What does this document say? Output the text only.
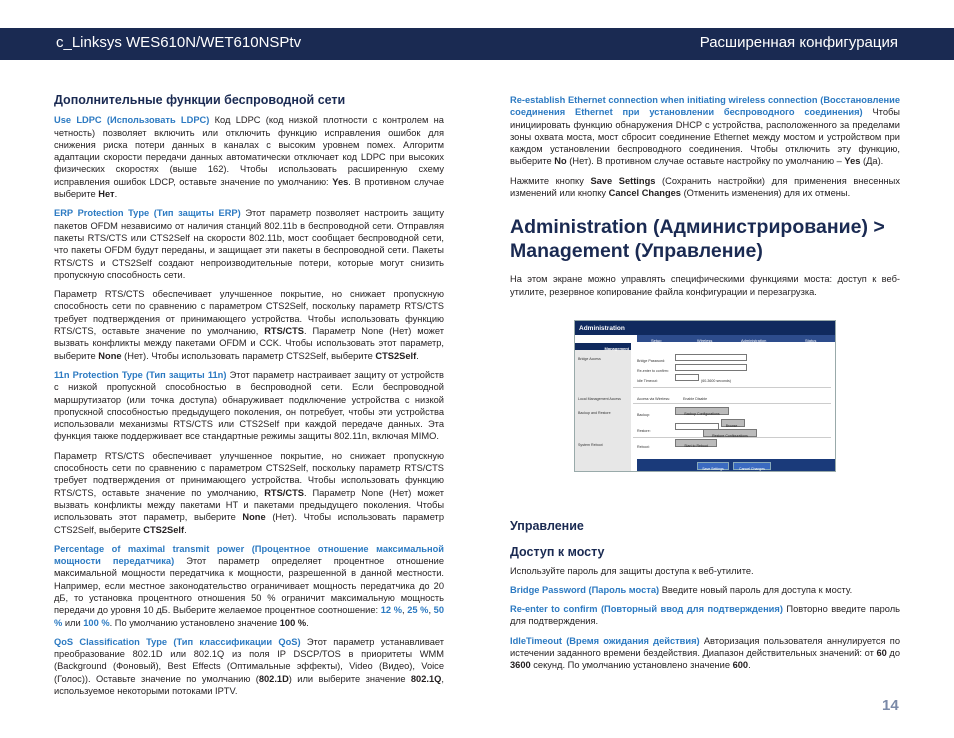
c_Linksys WES610N/WET610NSPtv	Расширенная конфигурация
Дополнительные функции беспроводной сети

Use LDPC (Использовать LDPC) Код LDPC (код низкой плотности с контролем на четность) позволяет включить или отключить функцию исправления ошибок для снижения риска потери данных в каналах с высоким уровнем помех. Алгоритм адаптации скорости передачи данных автоматически отключает код LDPC при высоких физических скоростях (выше 162). Чтобы использовать расширенную схему исправления ошибок LDCP, оставьте значение по умолчанию: Yes. В противном случае выберите Нет.

ERP Protection Type (Тип защиты ERP) Этот параметр позволяет настроить защиту пакетов OFDM независимо от наличия станций 802.11b в беспроводной сети. Отправляя пакеты RTS/CTS или CTS2Self на скорости 802.11b, мост сообщает беспроводной сети, что пакеты OFDM будут переданы, и защищает эти пакеты в беспроводной сети. Пакеты RTS/CTS и CTS2Self создают непроизводительные потери, которые могут снизить пропускную способность сети.

Параметр RTS/CTS обеспечивает улучшенное покрытие, но снижает пропускную способность сети по сравнению с параметром CTS2Self, поскольку параметр RTS/CTS требует подтверждения от принимающего устройства. Чтобы использовать функцию RTS/CTS, оставьте значение по умолчанию, RTS/CTS. Параметр None (Нет) может вызвать конфликты между пакетами OFDM и CCK. Чтобы использовать этот параметр, выберите None (Нет). Чтобы использовать параметр CTS2Self, выберите CTS2Self.

11n Protection Type (Тип защиты 11n) Этот параметр настраивает защиту от устройств с низкой пропускной способностью в беспроводной сети. Если беспроводной маршрутизатор (или точка доступа) обнаруживает подключение устройства с низкой пропускной способностью предыдущего поколения, он потребует, чтобы эти устройства использовали механизмы RTS/CTS или CTS2Self при каждой передаче данных. Эта функция также поддерживает все стандартные режимы защиты 802.11n, включая MIMO.

Параметр RTS/CTS обеспечивает улучшенное покрытие, но снижает пропускную способность сети по сравнению с параметром CTS2Self, поскольку параметр RTS/CTS требует подтверждения от принимающего устройства. Чтобы использовать функцию RTS/CTS, оставьте значение по умолчанию, RTS/CTS. Параметр None (Нет) может вызвать конфликты между пакетами HT и пакетами предыдущего поколения. Чтобы использовать этот параметр, выберите None (Нет). Чтобы использовать параметр CTS2Self, выберите CTS2Self.

Percentage of maximal transmit power (Процентное отношение максимальной мощности передатчика) Этот параметр определяет процентное отношение максимальной мощности передатчика к мощности, разрешенной в данной местности. Например, если местное законодательство ограничивает мощность передатчика до 20 дБ, то установка процентного отношения 50 % ограничит максимальную мощность передачи до уровня 10 дБ. Выберите желаемое процентное соотношение: 12 %, 25 %, 50 % или 100 %. По умолчанию установлено значение 100 %.

QoS Classification Type (Тип классификации QoS) Этот параметр устанавливает преобразование 802.1D или 802.1Q из поля IP DSCP/TOS в приоритеты WMM (Background (Фоновый), Best Effects (Оптимальные эффекты), Video (Видео), Voice (Голос)). Оставьте значение по умолчанию (802.1D) или выберите значение 802.1Q, используемое некоторыми потоками IPTV.

Re-establish Ethernet connection when initiating wireless connection (Восстановление соединения Ethernet при установлении беспроводного соединения) Чтобы инициировать функцию обнаружения DHCP с устройства, расположенного за пределами зоны охвата моста, мост сбросит соединение Ethernet между мостом и устройством при каждом установлении беспроводного соединения. Чтобы отключить эту функцию, выберите No (Нет). В противном случае оставьте настройку по умолчанию – Yes (Да).

Нажмите кнопку Save Settings (Сохранить настройки) для применения внесенных изменений или кнопку Cancel Changes (Отменить изменения) для их отмены.

Administration (Администрирование) > Management (Управление)

На этом экране можно управлять специфическими функциями моста: доступ к веб-утилите, резервное копирование файла конфигурации и перезагрузка.

Administration
Setup	Wireless	Administration	Status
Management
Bridge Access
Local Management Access
Backup and Restore
System Reboot
Bridge Password:
Re-enter to confirm:
Idle Timeout:	(60-3600 seconds)
Access via Wireless:	Enable Disable
Backup:	Backup Configurations
Restore:
Browse...
Restore Configurations
Reboot:	Start to Reboot
Save Settings	Cancel Changes
Управление
Доступ к мосту

Используйте пароль для защиты доступа к веб-утилите.

Bridge Password (Пароль моста) Введите новый пароль для доступа к мосту.

Re-enter to confirm (Повторный ввод для подтверждения) Повторно введите пароль для подтверждения.

IdleTimeout (Время ожидания действия) Авторизация пользователя аннулируется по истечении заданного времени бездействия. Диапазон действительных значений: от 60 до 3600 секунд. По умолчанию установлено значение 600.

14
